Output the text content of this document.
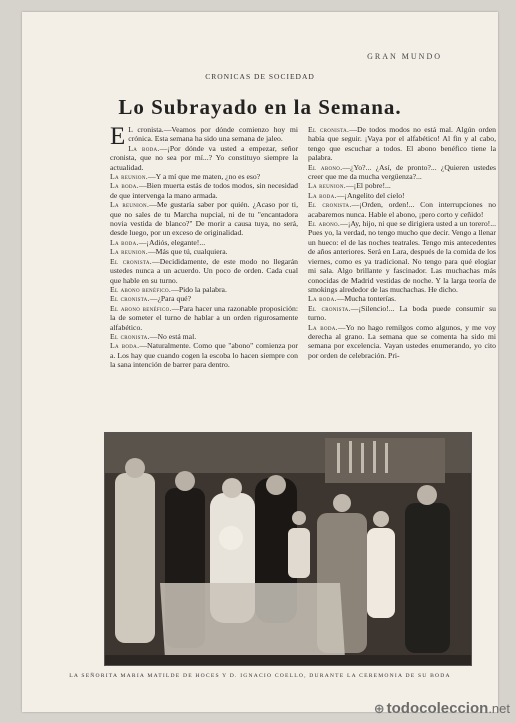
GRAN MUNDO
CRONICAS DE SOCIEDAD
Lo Subrayado en la Semana.

E L cronista.—Veamos por dónde comienzo hoy mi crónica. Esta semana ha sido una semana de jaleo.

La boda.—¡Por dónde va usted a empezar, señor cronista, que no sea por mí...? Yo constituyo siempre la actualidad.

La reunion.—Y a mí que me maten, ¿no es eso?

La boda.—Bien muerta estás de todos modos, sin necesidad de que intervenga la mano armada.

La reunion.—Me gustaría saber por quién. ¿Acaso por ti, que no sales de tu Marcha nupcial, ni de tu "encantadora novia vestida de blanco?" De morir a causa tuya, no será, desde luego, por un exceso de originalidad.

La boda.—¡Adiós, elegante!...

La reunion.—Más que tú, cualquiera.

El cronista.—Decididamente, de este modo no llegarán ustedes nunca a un acuerdo. Un poco de orden. Cada cual que hable en su turno.

El abono benéfico.—Pido la palabra.

El cronista.—¿Para qué?

El abono benéfico.—Para hacer una razonable proposición: la de someter el turno de hablar a un orden rigurosamente alfabético.

El cronista.—No está mal.

La boda.—Naturalmente. Como que "abono" comienza por a. Los hay que cuando cogen la escoba lo hacen siempre con la sana intención de barrer para dentro.

El cronista.—De todos modos no está mal. Algún orden había que seguir. ¡Vaya por el alfabético! Al fin y al cabo, tengo que escuchar a todos. El abono benéfico tiene la palabra.

El abono.—¿Yo?... ¿Así, de pronto?... ¿Quieren ustedes creer que me da mucha vergüenza?...

La reunion.—¡El pobre!...

La boda.—¡Angelito del cielo!

El cronista.—¡Orden, orden!... Con interrupciones no acabaremos nunca. Hable el abono, ¡pero corto y ceñido!

El abono.—¡Ay, hijo, ni que se dirigiera usted a un torero!... Pues yo, la verdad, no tengo mucho que decir. Vengo a llenar un hueco: el de las noches teatrales. Tengo mis antecedentes de años anteriores. Será en Lara, después de la comida de los viernes, como es ya tradicional. No tengo para qué elogiar mi sala. Algo brillante y fascinador. Las muchachas más conocidas de Madrid vestidas de noche. Y la larga teoría de smokings alrededor de las muchachas. He dicho.

La boda.—Mucha tonterías.

El cronista.—¡Silencio!... La boda puede consumir su turno.

La boda.—Yo no hago remilgos como algunos, y me voy derecha al grano. La semana que se comenta ha sido mi semana por excelencia. Vayan ustedes enumerando, yo cito por orden de celebración. Pri-

LA SEÑORITA MARIA MATILDE DE HOCES Y D. IGNACIO COELLO, DURANTE LA CEREMONIA DE SU BODA
⊕ todocoleccion.net
